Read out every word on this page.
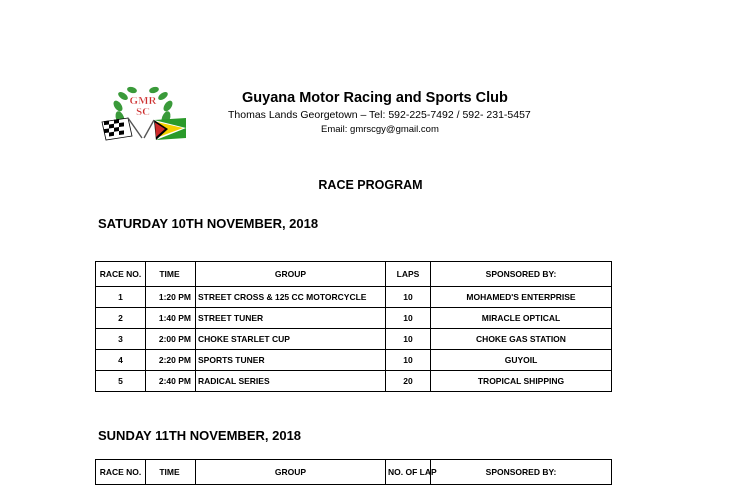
GMR
SC
Guyana Motor Racing and Sports Club
Thomas Lands Georgetown – Tel: 592-225-7492 / 592- 231-5457
Email: gmrscgy@gmail.com
RACE PROGRAM
SATURDAY 10TH NOVEMBER, 2018
RACE NO.	TIME	GROUP	LAPS	SPONSORED BY:
1	1:20 PM	STREET CROSS & 125 CC MOTORCYCLE	10	MOHAMED'S ENTERPRISE
2	1:40 PM	STREET TUNER	10	MIRACLE OPTICAL
3	2:00 PM	CHOKE STARLET CUP	10	CHOKE GAS STATION
4	2:20 PM	SPORTS TUNER	10	GUYOIL
5	2:40 PM	RADICAL SERIES	20	TROPICAL SHIPPING
SUNDAY 11TH NOVEMBER, 2018
RACE NO.	TIME	GROUP	NO. OF LAP	SPONSORED BY:
